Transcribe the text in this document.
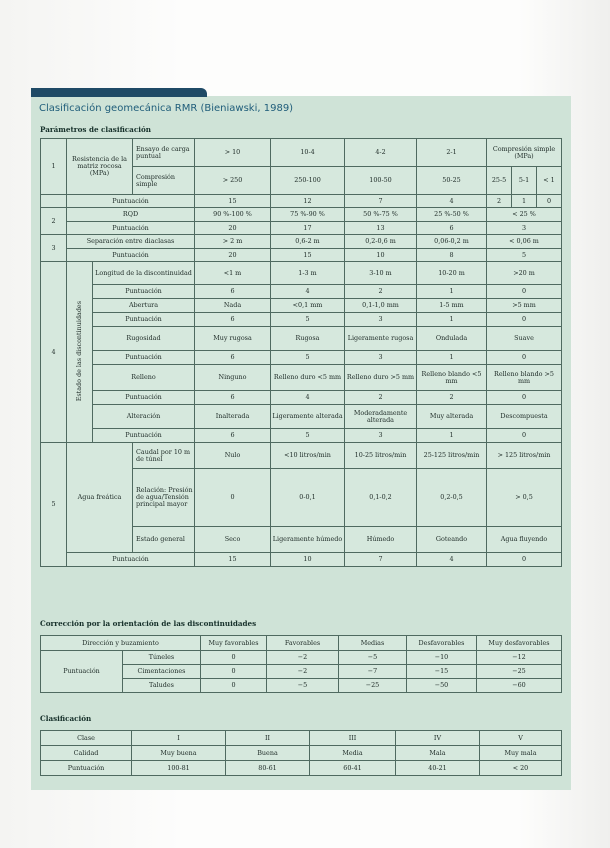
Clasificación geomecánica RMR (Bieniawski, 1989)
Parámetros de clasificación
1	Resistencia de la matriz rocosa (MPa)		Ensayo de carga puntual	> 10	10-4	4-2	2-1	Compresión simple (MPa)		
			Compresión simple	> 250	250-100	100-50	50-25	25-5	5-1	< 1
	Puntuación			15	12	7	4	2	1	0
2	RQD			90 %-100 %	75 %-90 %	50 %-75 %	25 %-50 %	< 25 %		
	Puntuación			20	17	13	6	3		
3	Separación entre diaclasas			> 2 m	0,6-2 m	0,2-0,6 m	0,06-0,2 m	< 0,06 m		
	Puntuación			20	15	10	8	5		
4	Estado de las discontinuidades	Longitud de la discontinuidad		<1 m	1-3 m	3-10 m	10-20 m	>20 m		
		Puntuación		6	4	2	1	0		
		Abertura		Nada	<0,1 mm	0,1-1,0 mm	1-5 mm	>5 mm		
		Puntuación		6	5	3	1	0		
		Rugosidad		Muy rugosa	Rugosa	Ligeramente rugosa	Ondulada	Suave		
		Puntuación		6	5	3	1	0		
		Relleno		Ninguno	Relleno duro <5 mm	Relleno duro >5 mm	Relleno blando <5 mm	Relleno blando >5 mm		
		Puntuación		6	4	2	2	0		
		Alteración		Inalterada	Ligeramente alterada	Moderadamente alterada	Muy alterada	Descompuesta		
		Puntuación		6	5	3	1	0		
5	Agua freática		Caudal por 10 m de túnel	Nulo	<10 litros/min	10-25 litros/min	25-125 litros/min	> 125 litros/min		
			Relación: Presión de agua/Tensión principal mayor	0	0-0,1	0,1-0,2	0,2-0,5	> 0,5		
			Estado general	Seco	Ligeramente húmedo	Húmedo	Goteando	Agua fluyendo		
	Puntuación			15	10	7	4	0		
Corrección por la orientación de las discontinuidades
Dirección y buzamiento		Muy favorables	Favorables	Medias	Desfavorables	Muy desfavorables
Puntuación	Túneles	0	−2	−5	−10	−12
	Cimentaciones	0	−2	−7	−15	−25
	Taludes	0	−5	−25	−50	−60
Clasificación
Clase	I	II	III	IV	V
Calidad	Muy buena	Buena	Media	Mala	Muy mala
Puntuación	100-81	80-61	60-41	40-21	< 20
